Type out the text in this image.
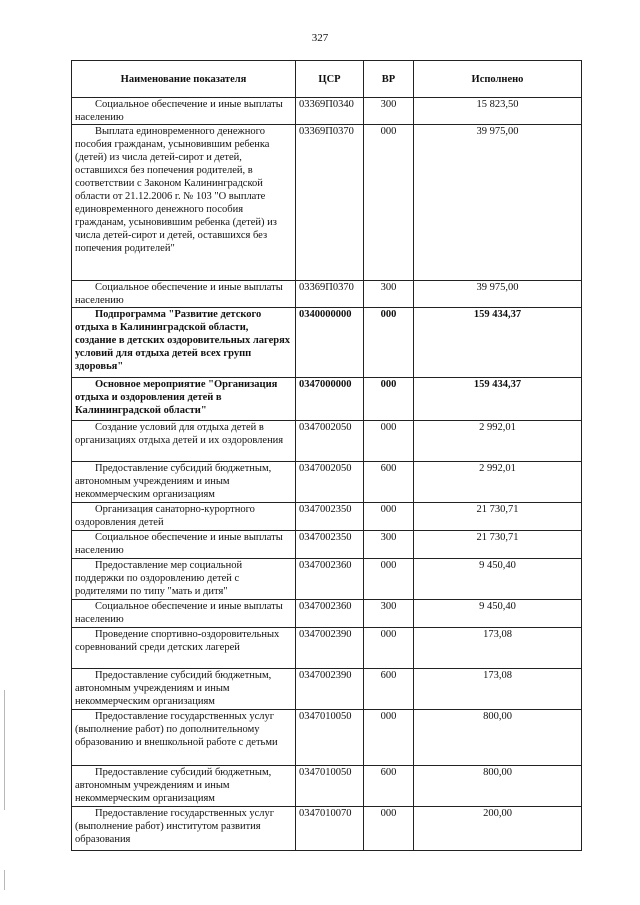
327
Наименование показателя	ЦСР	ВР	Исполнено
Социальное обеспечение и иные выплаты населению	03369П0340	300	15 823,50
Выплата единовременного денежного пособия гражданам, усыновившим ребенка (детей) из числа детей-сирот и детей, оставшихся без попечения родителей, в соответствии с Законом Калининградской области от 21.12.2006 г. № 103 "О выплате единовременного денежного пособия гражданам, усыновившим ребенка (детей) из числа детей-сирот и детей, оставшихся без попечения родителей"	03369П0370	000	39 975,00
Социальное обеспечение и иные выплаты населению	03369П0370	300	39 975,00
Подпрограмма "Развитие детского отдыха в Калининградской области, создание в детских оздоровительных лагерях условий для отдыха детей всех групп здоровья"	0340000000	000	159 434,37
Основное мероприятие "Организация отдыха и оздоровления детей в Калининградской области"	0347000000	000	159 434,37
Создание условий для отдыха детей в организациях отдыха детей и их оздоровления	0347002050	000	2 992,01
Предоставление субсидий бюджетным, автономным учреждениям и иным некоммерческим организациям	0347002050	600	2 992,01
Организация санаторно-курортного оздоровления детей	0347002350	000	21 730,71
Социальное обеспечение и иные выплаты населению	0347002350	300	21 730,71
Предоставление мер социальной поддержки по оздоровлению детей с родителями по типу "мать и дитя"	0347002360	000	9 450,40
Социальное обеспечение и иные выплаты населению	0347002360	300	9 450,40
Проведение спортивно-оздоровительных соревнований среди детских лагерей	0347002390	000	173,08
Предоставление субсидий бюджетным, автономным учреждениям и иным некоммерческим организациям	0347002390	600	173,08
Предоставление государственных услуг (выполнение работ) по дополнительному образованию и внешкольной работе с детьми	0347010050	000	800,00
Предоставление субсидий бюджетным, автономным учреждениям и иным некоммерческим организациям	0347010050	600	800,00
Предоставление государственных услуг (выполнение работ) институтом развития образования	0347010070	000	200,00
